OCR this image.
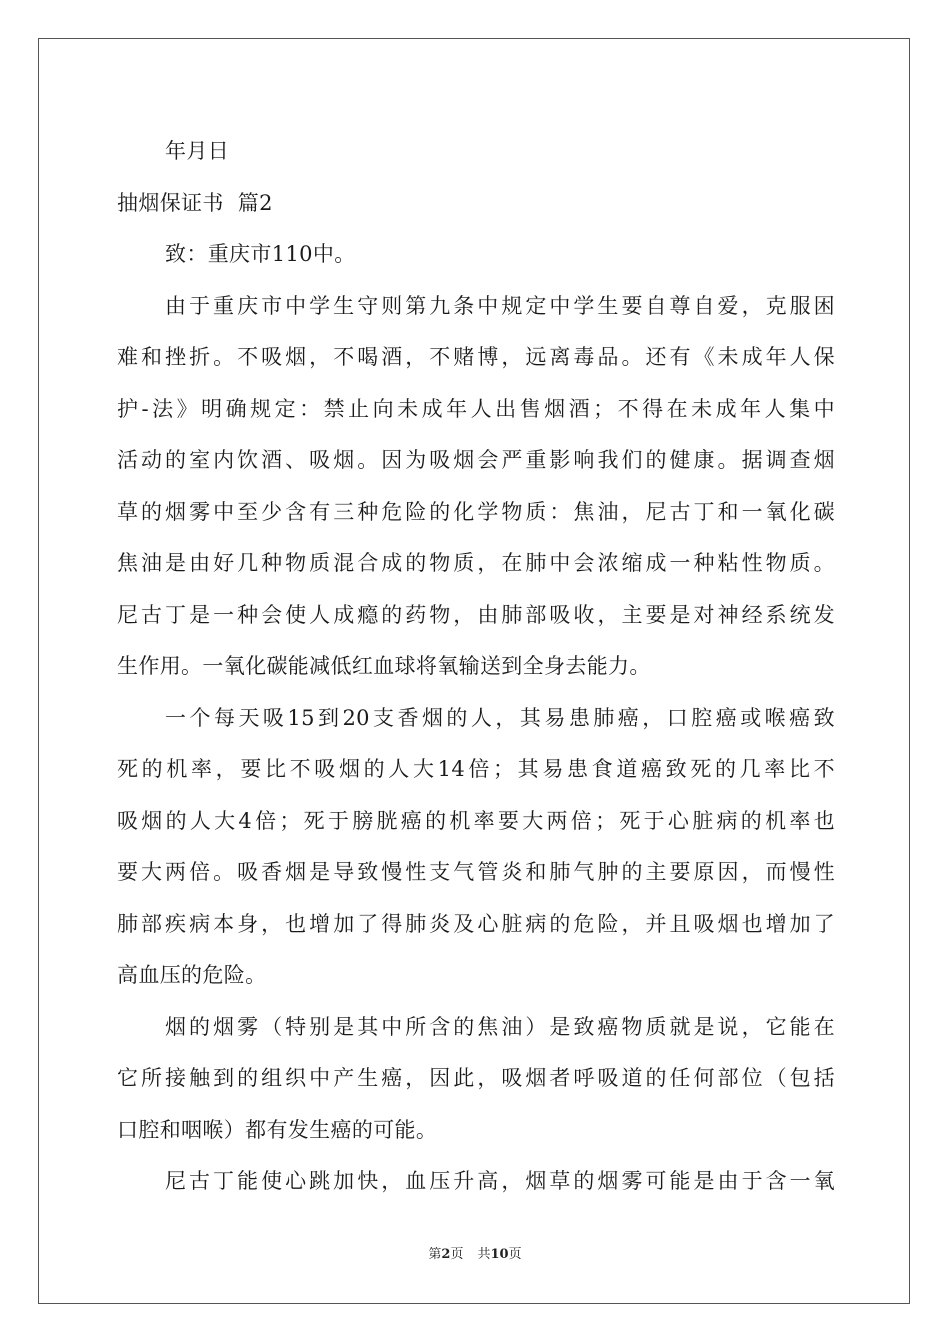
年月日
抽烟保证书  篇2
致：重庆市110中。
由于重庆市中学生守则第九条中规定中学生要自尊自爱，克服困
难和挫折。不吸烟，不喝酒，不赌博，远离毒品。还有《未成年人保
护-法》明确规定：禁止向未成年人出售烟酒；不得在未成年人集中
活动的室内饮酒、吸烟。因为吸烟会严重影响我们的健康。据调查烟
草的烟雾中至少含有三种危险的化学物质：焦油，尼古丁和一氧化碳
焦油是由好几种物质混合成的物质，在肺中会浓缩成一种粘性物质。
尼古丁是一种会使人成瘾的药物，由肺部吸收，主要是对神经系统发
生作用。一氧化碳能减低红血球将氧输送到全身去能力。
一个每天吸15到20支香烟的人，其易患肺癌，口腔癌或喉癌致
死的机率，要比不吸烟的人大14倍；其易患食道癌致死的几率比不
吸烟的人大4倍；死于膀胱癌的机率要大两倍；死于心脏病的机率也
要大两倍。吸香烟是导致慢性支气管炎和肺气肿的主要原因，而慢性
肺部疾病本身，也增加了得肺炎及心脏病的危险，并且吸烟也增加了
高血压的危险。
烟的烟雾（特别是其中所含的焦油）是致癌物质就是说，它能在
它所接触到的组织中产生癌，因此，吸烟者呼吸道的任何部位（包括
口腔和咽喉）都有发生癌的可能。
尼古丁能使心跳加快，血压升高，烟草的烟雾可能是由于含一氧
第2页 共10页
